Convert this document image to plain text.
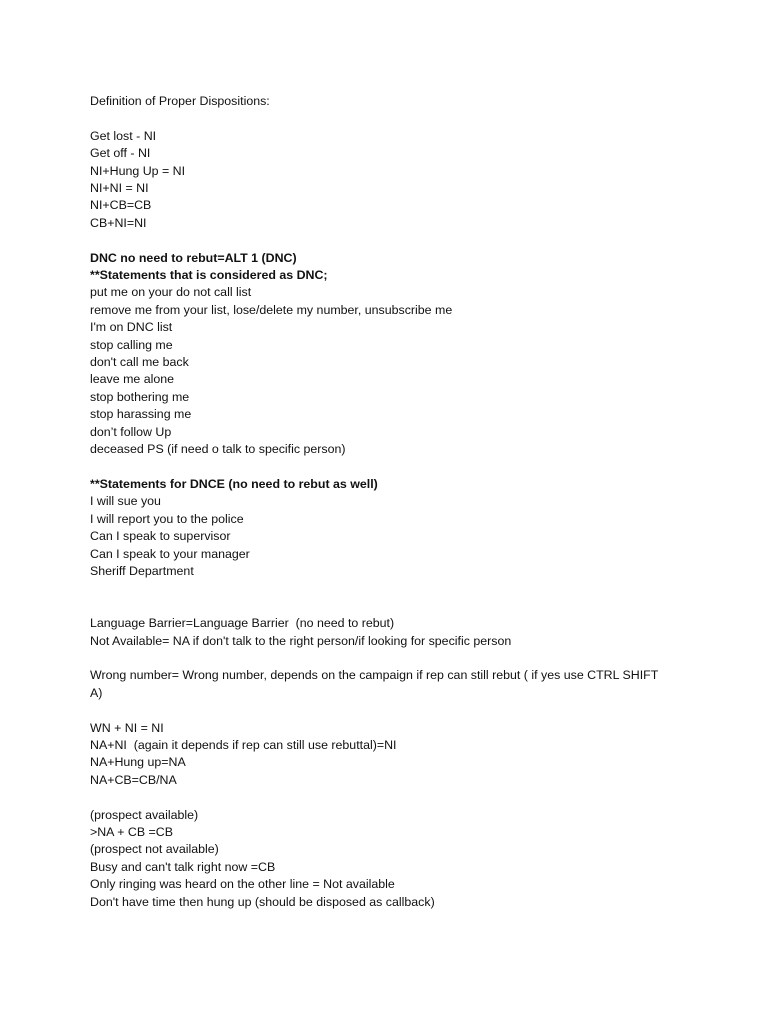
Definition of Proper Dispositions:
Get lost - NI
Get off - NI
NI+Hung Up = NI
NI+NI = NI
NI+CB=CB
CB+NI=NI
DNC no need to rebut=ALT 1 (DNC)
**Statements that is considered as DNC;
put me on your do not call list
remove me from your list, lose/delete my number, unsubscribe me
I'm on DNC list
stop calling me
don't call me back
leave me alone
stop bothering me
stop harassing me
don’t follow Up
deceased PS (if need o talk to specific person)
**Statements for DNCE (no need to rebut as well)
I will sue you
I will report you to the police
Can I speak to supervisor
Can I speak to your manager
Sheriff Department
Language Barrier=Language Barrier  (no need to rebut)
Not Available= NA if don't talk to the right person/if looking for specific person
Wrong number= Wrong number, depends on the campaign if rep can still rebut ( if yes use CTRL SHIFT
A)
WN + NI = NI
NA+NI  (again it depends if rep can still use rebuttal)=NI
NA+Hung up=NA
NA+CB=CB/NA
(prospect available)
>NA + CB =CB
(prospect not available)
Busy and can't talk right now =CB
Only ringing was heard on the other line = Not available
Don't have time then hung up (should be disposed as callback)
